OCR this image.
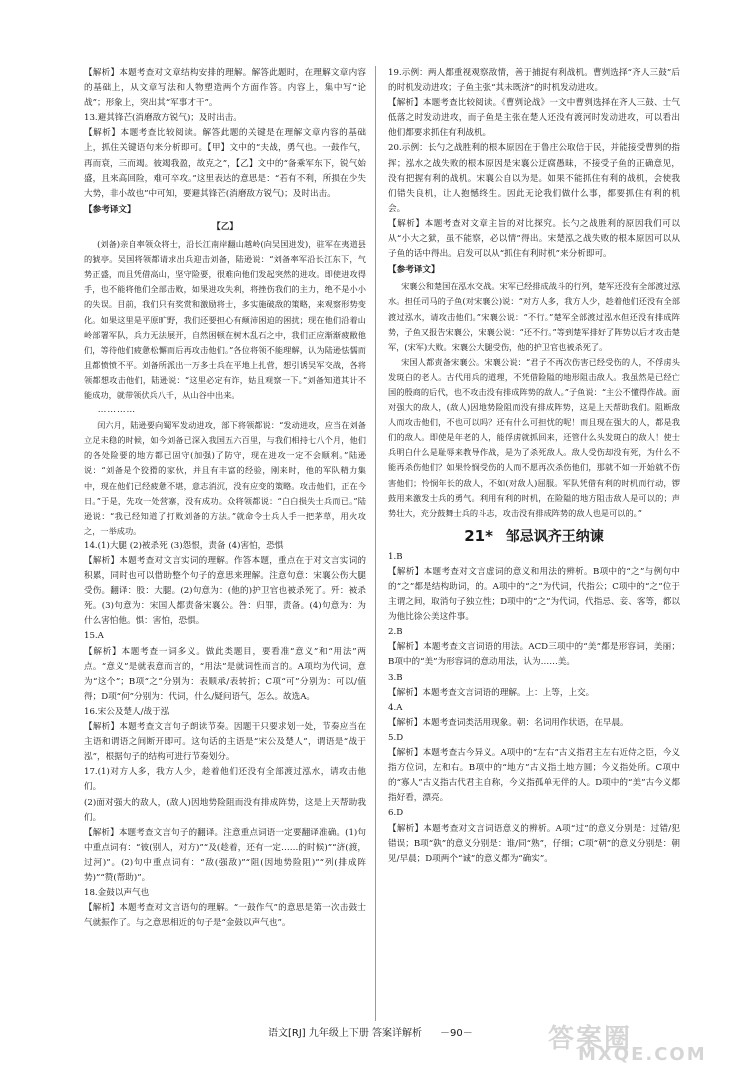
【解析】本题考查对文章结构安排的理解。解答此题时，在理解文章内容的基础上，从文章写法和人物塑造两个方面作答。内容上，集中写“论战”；形象上，突出其“军事才干”。

13.避其锋芒(消磨敌方锐气)；及时出击。

【解析】本题考查比较阅读。解答此题的关键是在理解文章内容的基础上，抓住关键语句来分析即可。【甲】文中的“夫战，勇气也。一鼓作气，再而衰，三而竭。彼竭我盈，故克之”，【乙】文中的“备乘军东下，锐气始盛，且来高回险，难可卒攻。”这里表达的意思是：“若有不利，所损在少失大势，非小故也”中可知，要避其锋芒(消磨敌方锐气)；及时出击。

【参考译文】

【乙】

(刘备)亲自率领众将士，沿长江南岸翻山越岭(向吴国进发)，驻军在夷道县的猇亭。吴国将领都请求出兵迎击刘备，陆逊说：“刘备率军沿长江东下，气势正盛，而且凭借高山，坚守险要，很难向他们发起突然的进攻。即使进攻得手，也不能将他们全部击败，如果进攻失利，将挫伤我们的主力，绝不是小小的失误。目前，我们只有奖赏和激励将士，多实施破敌的策略，来观察形势变化。如果这里是平原旷野，我们还要担心有颠沛困迫的困扰；现在他们沿着山岭部署军队，兵力无法展开，自然困顿在树木乱石之中，我们正应渐渐疲敝他们，等待他们疲惫松懈而后再攻击他们。”各位将领不能理解，认为陆逊怯懦而且都愤愤不平。刘备所派出一万多士兵在平地上扎营，想引诱吴军交战，各将领都想攻击他们，陆逊说：“这里必定有诈，姑且观察一下。”刘备知道其计不能成功，就带领伏兵八千，从山谷中出来。

…………

闰六月，陆逊要向蜀军发动进攻，部下将领都说：“发动进攻，应当在刘备立足未稳的时候，如今刘备已深入我国五六百里，与我们相持七八个月，他们的各处险要的地方都已固守(加强)了防守，现在进攻一定不会顺利。”陆逊说：“刘备是个狡猾的家伙，并且有丰富的经验，刚来时，他的军队精力集中，现在他们已经疲惫不堪，意志消沉，没有应变的策略。攻击他们，正在今日。”于是，先攻一处营寨，没有成功。众将领都说：“白白损失士兵而已。”陆逊说：“我已经知道了打败刘备的方法。”就命令士兵人手一把茅草，用火攻之，一举成功。

14.(1)大腿 (2)被杀死 (3)怨恨，责备 (4)害怕，恐惧

【解析】本题考查对文言实词的理解。作答本题，重点在于对文言实词的积累，同时也可以借助整个句子的意思来理解。注意句意：宋襄公伤大腿受伤。翻译：股：大腿。(2)句意为：(他的)护卫官也被杀死了。歼：被杀死。(3)句意为：宋国人都责备宋襄公。咎：归罪，责备。(4)句意为：为什么害怕他。惧：害怕，恐惧。

15.A

【解析】本题考查一词多义。做此类题目，要看准“意义”和“用法”两点。“意义”是就表意而言的，“用法”是就词性而言的。A项均为代词，意为“这个”；B项“之”分别为：表顺承/表转折；C项“可”分别为：可以/值得；D项“何”分别为：代词，什么/疑问语气，怎么。故选A。

16.宋公及楚人/战于泓

【解析】本题考查文言句子朗读节奏。因题干只要求划一处，节奏应当在主语和谓语之间断开即可。这句话的主语是“宋公及楚人”，谓语是“战于泓”，根据句子的结构可进行节奏划分。

17.(1)对方人多，我方人少，趁着他们还没有全部渡过泓水，请攻击他们。

(2)面对强大的敌人，(敌人)因地势险阻而没有排成阵势，这是上天帮助我们。

【解析】本题考查文言句子的翻译。注意重点词语一定要翻译准确。(1)句中重点词有：“彼(别人，对方)”“及(趁着，还有一定……的时候)”“济(渡，过河)”。(2)句中重点词有：“敌(强敌)”“阻(因地势险阻)”“列(排成阵势)”“赞(帮助)”。

18.金鼓以声气也

【解析】本题考查对文言语句的理解。“一鼓作气”的意思是第一次击鼓士气就振作了。与之意思相近的句子是“金鼓以声气也”。

19.示例：两人都重视观察敌情，善于捕捉有利战机。曹刿选择“齐人三鼓”后的时机发动进攻；子鱼主张“其未既济”的时机发动进攻。

【解析】本题考查比较阅读。《曹刿论战》一文中曹刿选择在齐人三鼓、士气低落之时发动进攻，而子鱼是主张在楚人还没有渡河时发动进攻，可以看出他们都要求抓住有利战机。

20.示例：长勺之战胜利的根本原因在于鲁庄公取信于民，并能接受曹刿的指挥；泓水之战失败的根本原因是宋襄公迂腐愚昧，不接受子鱼的正确意见，没有把握有利的战机。宋襄公自以为是。如果不能抓住有利的战机，会使我们错失良机，让人抱憾终生。因此无论我们做什么事，都要抓住有利的机会。

【解析】本题考查对文章主旨的对比探究。长勺之战胜利的原因我们可以从“小大之狱，虽不能察，必以情”得出。宋楚泓之战失败的根本原因可以从子鱼的话中得出。启发可以从“抓住有利时机”来分析即可。

【参考译文】

宋襄公和楚国在泓水交战。宋军已经排成战斗的行列，楚军还没有全部渡过泓水。担任司马的子鱼(对宋襄公)说：“对方人多，我方人少，趁着他们还没有全部渡过泓水，请攻击他们。”宋襄公说：“不行。”楚军全部渡过泓水但还没有排成阵势，子鱼又报告宋襄公，宋襄公说：“还不行。”等到楚军排好了阵势以后才攻击楚军，(宋军)大败。宋襄公大腿受伤，他的护卫官也被杀死了。

宋国人都责备宋襄公。宋襄公说：“君子不再次伤害已经受伤的人，不俘虏头发斑白的老人。古代用兵的道理，不凭借险隘的地形阻击敌人。我虽然是已经亡国的殷商的后代，也不攻击没有排成阵势的敌人。”子鱼说：“主公不懂得作战。面对强大的敌人，(敌人)因地势险阻而没有排成阵势，这是上天帮助我们。阻断敌人而攻击他们，不也可以吗？还有什么可担忧的呢！而且现在强大的人，都是我们的敌人。即使是年老的人，能俘虏就抓回来，还管什么头发斑白的敌人！使士兵明白什么是耻辱来教导作战，是为了杀死敌人。敌人受伤却没有死，为什么不能再杀伤他们？如果怜悯受伤的人而不愿再次杀伤他们，那就不如一开始就不伤害他们；怜悯年长的敌人，不如(对敌人)屈服。军队凭借有利的时机而行动，锣鼓用来激发士兵的勇气。利用有利的时机，在险隘的地方阻击敌人是可以的；声势壮大，充分鼓舞士兵的斗志，攻击没有排成阵势的敌人也是可以的。”

21* 邹忌讽齐王纳谏

1.B

【解析】本题考查对文言虚词的意义和用法的辨析。B项中的“之”与例句中的“之”都是结构助词，的。A项中的“之”为代词，代指公；C项中的“之”位于主谓之间，取消句子独立性；D项中的“之”为代词，代指忌、妾、客等，都以为他比徐公美这件事。

2.B

【解析】本题考查文言词语的用法。ACD三项中的“美”都是形容词，美丽；B项中的“美”为形容词的意动用法，认为……美。

3.B

【解析】本题考查文言词语的理解。上：上等，上交。

4.A

【解析】本题考查词类活用现象。朝：名词用作状语，在早晨。

5.D

【解析】本题考查古今异义。A项中的“左右”古义指君主左右近侍之臣，今义指方位词，左和右。B项中的“地方”古义指土地方圆；今义指处所。C项中的“寡人”古义指古代君主自称，今义指孤单无伴的人。D项中的“美”古今义都指好看，漂亮。

6.D

【解析】本题考查对文言词语意义的辨析。A项“过”的意义分别是：过错/犯错误；B项“孰”的意义分别是：谁/同“熟”，仔细；C项“朝”的意义分别是：朝见/早晨；D项两个“诚”的意义都为“确实”。

语文[RJ] 九年级上下册 答案详解析 －90－	答案圈
MXQE.COM
